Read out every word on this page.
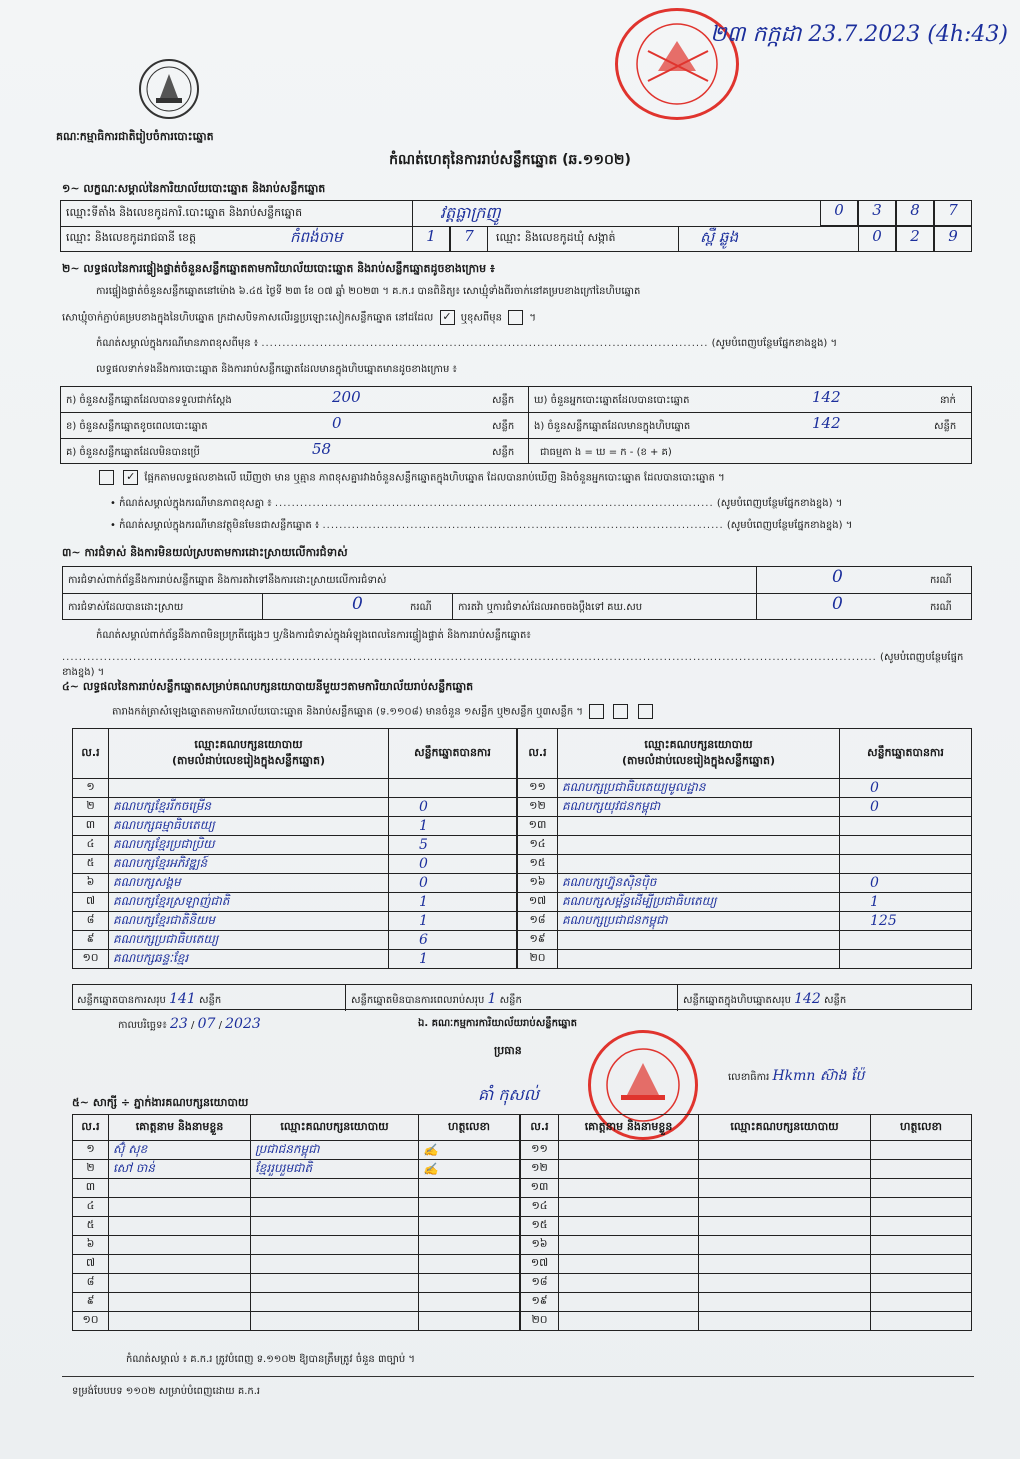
គណៈកម្មាធិការជាតិរៀបចំការបោះឆ្នោត
២៣ កក្កដា 23.7.2023 (4h:43)
កំណត់ហេតុនៃការរាប់សន្លឹកឆ្នោត (ឆ.១១០២)
១~ លក្ខណៈសម្គាល់នៃការិយាល័យបោះឆ្នោត និងរាប់សន្លឹកឆ្នោត
ឈ្មោះទីតាំង និងលេខកូដការិ.បោះឆ្នោត និងរាប់សន្លឹកឆ្នោត	វត្តធ្លាក្រញូ	0	3	8	7
ឈ្មោះ និងលេខកូដរាជធានី ខេត្ត	កំពង់ចាម	1	7	ឈ្មោះ និងលេខកូដឃុំ សង្កាត់	ស្ពឺ ឆ្លូង	0	2	9
២~ លទ្ធផលនៃការផ្ទៀងផ្ទាត់ចំនួនសន្លឹកឆ្នោតតាមការិយាល័យបោះឆ្នោត និងរាប់សន្លឹកឆ្នោតដូចខាងក្រោម ៖
ការផ្ទៀងផ្ទាត់ចំនួនសន្លឹកឆ្នោតនៅម៉ោង ៦.៤៥ ថ្ងៃទី ២៣ ខែ ០៧ ឆ្នាំ ២០២៣ ។ គ.ក.រ បានពិនិត្យ៖ សោឃ្មុំទាំងពីរចាក់នៅគម្របខាងក្រៅនៃហិបឆ្នោត
សោឃ្មុំចាក់ភ្ជាប់គម្របខាងក្នុងនៃហិបឆ្នោត ក្រដាសបិទភាសលើរន្ធប្រឡោះសៀកសន្លឹកឆ្នោត នៅដដែល ✓ ឬខុសពីមុន  ។
កំណត់សម្គាល់ក្នុងករណីមានភាពខុសពីមុន ៖ ........................................................................................................... (សូមបំពេញបន្ថែមផ្នែកខាងខ្នង) ។
លទ្ធផលទាក់ទងនឹងការបោះឆ្នោត និងការរាប់សន្លឹកឆ្នោតដែលមានក្នុងហិបឆ្នោតមានដូចខាងក្រោម ៖
ក) ចំនួនសន្លឹកឆ្នោតដែលបានទទួលជាក់ស្តែង	200	សន្លឹក
ខ) ចំនួនសន្លឹកឆ្នោតខូចពេលបោះឆ្នោត	0	សន្លឹក
គ) ចំនួនសន្លឹកឆ្នោតដែលមិនបានប្រើ	58	សន្លឹក
ឃ) ចំនួនអ្នកបោះឆ្នោតដែលបានបោះឆ្នោត	142	នាក់
ង) ចំនួនសន្លឹកឆ្នោតដែលមានក្នុងហិបឆ្នោត	142	សន្លឹក
ជាធម្មតា ង = ឃ = ក - (ខ + គ)
✓ ផ្អែកតាមលទ្ធផលខាងលើ ឃើញថា មាន ឬគ្មាន ភាពខុសគ្នារវាងចំនួនសន្លឹកឆ្នោតក្នុងហិបឆ្នោត ដែលបានរាប់ឃើញ និងចំនួនអ្នកបោះឆ្នោត ដែលបានបោះឆ្នោត ។
• កំណត់សម្គាល់ក្នុងករណីមានភាពខុសគ្នា ៖ ......................................................................................................... (សូមបំពេញបន្ថែមផ្នែកខាងខ្នង) ។
• កំណត់សម្គាល់ក្នុងករណីមានវត្ថុមិនមែនជាសន្លឹកឆ្នោត ៖ ................................................................................................ (សូមបំពេញបន្ថែមផ្នែកខាងខ្នង) ។
៣~ ការជំទាស់ និងការមិនយល់ស្របតាមការដោះស្រាយលើការជំទាស់
ការជំទាស់ពាក់ព័ន្ធនឹងការរាប់សន្លឹកឆ្នោត និងការតវ៉ាទៅនឹងការដោះស្រាយលើការជំទាស់	0	ករណី
ការជំទាស់ដែលបានដោះស្រាយ	0	ករណី	ការតវ៉ា ឬការជំទាស់ដែលអាចចងប្តឹងទៅ គឃ.សប	0	ករណី
កំណត់សម្គាល់ពាក់ព័ន្ធនឹងភាពមិនប្រក្រតីផ្សេងៗ ឬ/និងការជំទាស់ក្នុងអំឡុងពេលនៃការផ្ទៀងផ្ទាត់ និងការរាប់សន្លឹកឆ្នោត៖
................................................................................................................................................................................................... (សូមបំពេញបន្ថែមផ្នែកខាងខ្នង) ។
៤~ លទ្ធផលនៃការរាប់សន្លឹកឆ្នោតសម្រាប់គណបក្សនយោបាយនីមួយៗតាមការិយាល័យរាប់សន្លឹកឆ្នោត
តារាងកត់ត្រាសំឡេងឆ្នោតតាមការិយាល័យបោះឆ្នោត និងរាប់សន្លឹកឆ្នោត (ទ.១១០៨) មានចំនួន ១សន្លឹក ឬ២សន្លឹក ឬ៣សន្លឹក ។
ល.រ	ឈ្មោះគណបក្សនយោបាយ
(តាមលំដាប់លេខរៀងក្នុងសន្លឹកឆ្នោត)	សន្លឹកឆ្នោតបានការ
១		
២	គណបក្សខ្មែររីកចម្រើន	0
៣	គណបក្សធម្មាធិបតេយ្យ	1
៤	គណបក្សខ្មែរប្រជាប្រិយ	5
៥	គណបក្សខ្មែរអភិវឌ្ឍន៍	0
៦	គណបក្សសង្គម	0
៧	គណបក្សខ្មែរស្រឡាញ់ជាតិ	1
៨	គណបក្សខ្មែរជាតិនិយម	1
៩	គណបក្សប្រជាធិបតេយ្យ	6
១០	គណបក្សឆន្ទៈខ្មែរ	1
ល.រ	ឈ្មោះគណបក្សនយោបាយ
(តាមលំដាប់លេខរៀងក្នុងសន្លឹកឆ្នោត)	សន្លឹកឆ្នោតបានការ
១១	គណបក្សប្រជាធិបតេយ្យមូលដ្ឋាន	0
១២	គណបក្សយុវជនកម្ពុជា	0
១៣		
១៤		
១៥		
១៦	គណបក្សហ្វ៊ុនស៊ិនប៉ិច	0
១៧	គណបក្សសម្ព័ន្ធដើម្បីប្រជាធិបតេយ្យ	1
១៨	គណបក្សប្រជាជនកម្ពុជា	125
១៩		
២០		
សន្លឹកឆ្នោតបានការសរុប 141 សន្លឹក	សន្លឹកឆ្នោតមិនបានការពេលរាប់សរុប 1 សន្លឹក	សន្លឹកឆ្នោតក្នុងហិបឆ្នោតសរុប 142 សន្លឹក
កាលបរិច្ឆេទ៖ 23 / 07 / 2023	ឯ. គណៈកម្មការការិយាល័យរាប់សន្លឹកឆ្នោត
ប្រធាន
គាំ កុសល់
លេខាធិការ Hkmn ស៊ាង ប៉ែ
៥~ សាក្សី ÷ ភ្នាក់ងារគណបក្សនយោបាយ
ល.រ	គោត្តនាម និងនាមខ្លួន	ឈ្មោះគណបក្សនយោបាយ	ហត្ថលេខា
១	ស៊ុំ សុខ	ប្រជាជនកម្ពុជា	✍
២	សៅ ចាន់	ខ្មែររួបរួមជាតិ	✍
៣			
៤			
៥			
៦			
៧			
៨			
៩			
១០			
ល.រ	គោត្តនាម និងនាមខ្លួន	ឈ្មោះគណបក្សនយោបាយ	ហត្ថលេខា
១១			
១២			
១៣			
១៤			
១៥			
១៦			
១៧			
១៨			
១៩			
២០			
កំណត់សម្គាល់ ៖ គ.ក.រ ត្រូវបំពេញ ទ.១១០២ ឱ្យបានត្រឹមត្រូវ ចំនួន ៣ច្បាប់ ។
ទម្រង់បែបបទ ១១០២ សម្រាប់បំពេញដោយ គ.ក.រ
